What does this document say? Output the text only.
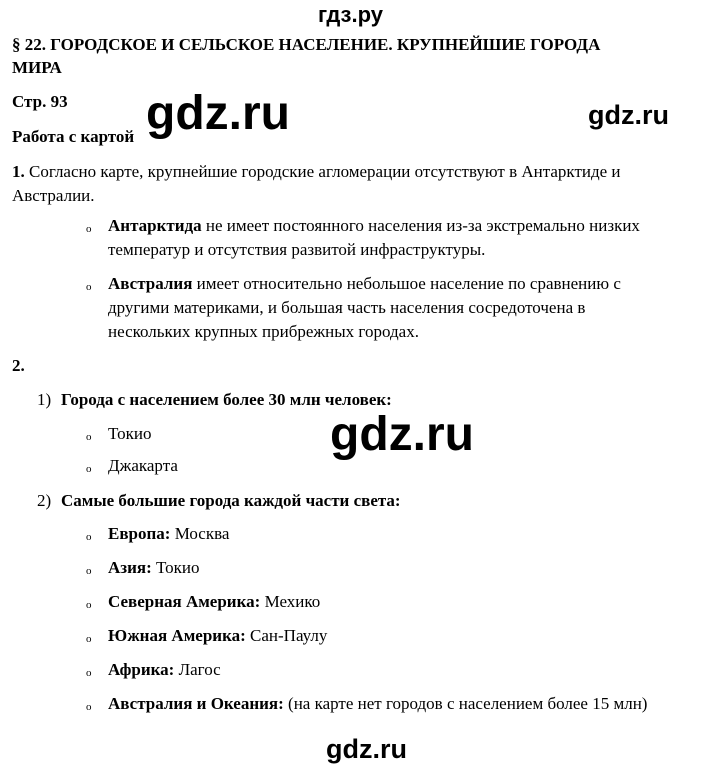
гдз.ру
§ 22. ГОРОДСКОЕ И СЕЛЬСКОЕ НАСЕЛЕНИЕ. КРУПНЕЙШИЕ ГОРОДА
МИРА
Стр. 93 gdz.ru	gdz.ru
gdz.ru
gdz.ru
Работа с картой
1. Согласно карте, крупнейшие городские агломерации отсутствуют в Антарктиде и
Австралии.
o Антарктида не имеет постоянного населения из-за экстремально низких
температур и отсутствия развитой инфраструктуры.
o Австралия имеет относительно небольшое население по сравнению с
другими материками, и большая часть населения сосредоточена в
нескольких крупных прибрежных городах.
2.
1) Города с населением более 30 млн человек:
o Токио
o Джакарта
2) Самые большие города каждой части света:
o Европа: Москва
o Азия: Токио
o Северная Америка: Мехико
o Южная Америка: Сан-Паулу
o Африка: Лагос
o Австралия и Океания: (на карте нет городов с населением более 15 млн)
